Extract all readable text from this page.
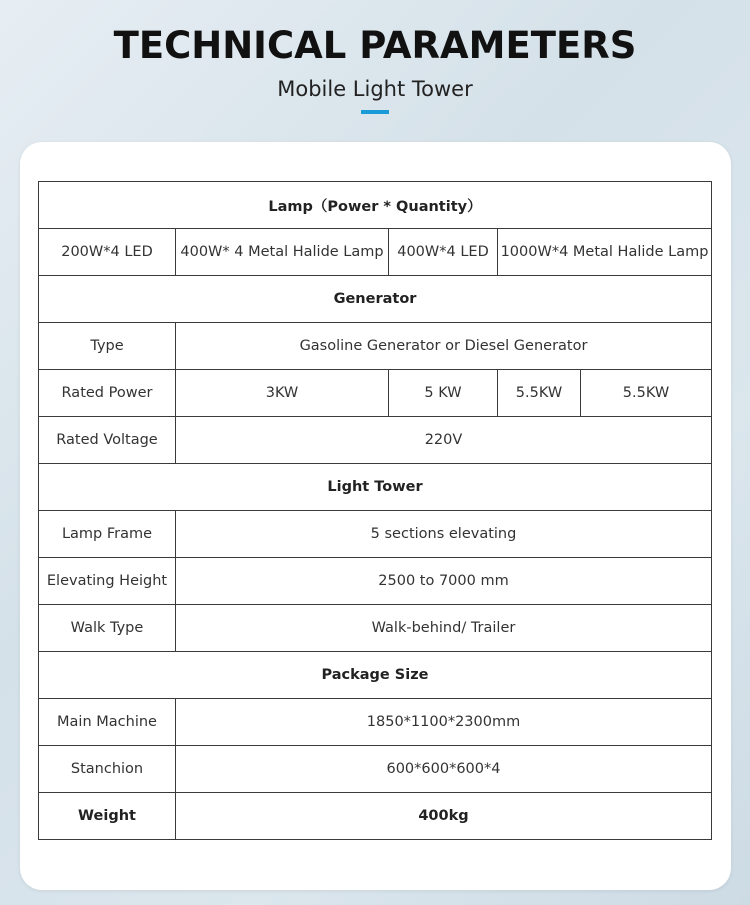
TECHNICAL PARAMETERS
Mobile Light Tower
Lamp（Power * Quantity）				
200W*4 LED	400W* 4 Metal Halide Lamp	400W*4 LED	1000W*4 Metal Halide Lamp	
Generator				
Type	Gasoline Generator or Diesel Generator			
Rated Power	3KW	5 KW	5.5KW	5.5KW
Rated Voltage	220V			
Light Tower				
Lamp Frame	5 sections elevating			
Elevating Height	2500 to 7000 mm			
Walk Type	Walk-behind/ Trailer			
Package Size				
Main Machine	1850*1100*2300mm			
Stanchion	600*600*600*4			
Weight	400kg			
